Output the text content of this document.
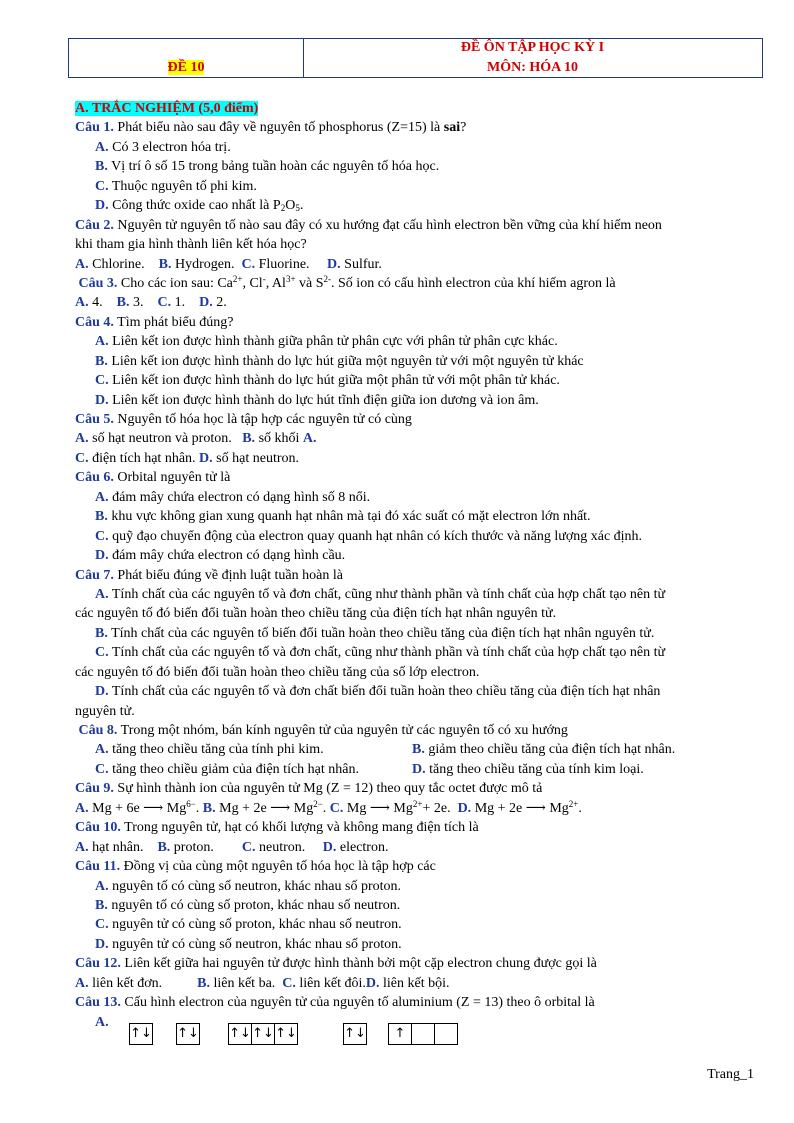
ĐỀ 10
ĐỀ ÔN TẬP HỌC KỲ I
MÔN: HÓA 10
A. TRẮC NGHIỆM (5,0 điểm)
Câu 1. Phát biểu nào sau đây về nguyên tố phosphorus (Z=15) là sai?
A. Có 3 electron hóa trị.
B. Vị trí ô số 15 trong bảng tuần hoàn các nguyên tố hóa học.
C. Thuộc nguyên tố phi kim.
D. Công thức oxide cao nhất là $P_2O_5$.
Câu 2. Nguyên tử nguyên tố nào sau đây có xu hướng đạt cấu hình electron bền vững của khí hiếm neon
khi tham gia hình thành liên kết hóa học?
A. Chlorine. B. Hydrogen. C. Fluorine. D. Sulfur.
Câu 3. Cho các ion sau: $Ca^{2+}$, Cl-, $Al^{3+}$ và $S^{2-}$. Số ion có cấu hình electron của khí hiếm agron là
A. 4. B. 3. C. 1. D. 2.
Câu 4. Tìm phát biểu đúng?
A. Liên kết ion được hình thành giữa phân tử phân cực với phân tử phân cực khác.
B. Liên kết ion được hình thành do lực hút giữa một nguyên tử với một nguyên tử khác
C. Liên kết ion được hình thành do lực hút giữa một phân tử với một phân tử khác.
D. Liên kết ion được hình thành do lực hút tĩnh điện giữa ion dương và ion âm.
Câu 5. Nguyên tố hóa học là tập hợp các nguyên tử có cùng
A. số hạt neutron và proton. B. số khối A.
C. điện tích hạt nhân. D. số hạt neutron.
Câu 6. Orbital nguyên tử là
A. đám mây chứa electron có dạng hình số 8 nổi.
B. khu vực không gian xung quanh hạt nhân mà tại đó xác suất có mặt electron lớn nhất.
C. quỹ đạo chuyển động của electron quay quanh hạt nhân có kích thước và năng lượng xác định.
D. đám mây chứa electron có dạng hình cầu.
Câu 7. Phát biểu đúng về định luật tuần hoàn là
A. Tính chất của các nguyên tố và đơn chất, cũng như thành phần và tính chất của hợp chất tạo nên từ
các nguyên tố đó biến đổi tuần hoàn theo chiều tăng của điện tích hạt nhân nguyên tử.
B. Tính chất của các nguyên tố biến đổi tuần hoàn theo chiều tăng của điện tích hạt nhân nguyên tử.
C. Tính chất của các nguyên tố và đơn chất, cũng như thành phần và tính chất của hợp chất tạo nên từ
các nguyên tố đó biến đổi tuần hoàn theo chiều tăng của số lớp electron.
D. Tính chất của các nguyên tố và đơn chất biến đổi tuần hoàn theo chiều tăng của điện tích hạt nhân
nguyên tử.
Câu 8. Trong một nhóm, bán kính nguyên tử của nguyên tử các nguyên tố có xu hướng
A. tăng theo chiều tăng của tính phi kim.	B. giảm theo chiều tăng của điện tích hạt nhân.
C. tăng theo chiều giảm của điện tích hạt nhân.	D. tăng theo chiều tăng của tính kim loại.
Câu 9. Sự hình thành ion của nguyên tử Mg (Z = 12) theo quy tắc octet được mô tả
A. Mg + 6e ⟶ $Mg^{6-}$. B. Mg + 2e ⟶ $Mg^{2-}$. C. Mg ⟶ $Mg^{2+}+ 2e$. D. Mg + 2e ⟶ $Mg^{2+}$.
Câu 10. Trong nguyên tử, hạt có khối lượng và không mang điện tích là
A. hạt nhân. B. proton. C. neutron. D. electron.
Câu 11. Đồng vị của cùng một nguyên tố hóa học là tập hợp các
A. nguyên tố có cùng số neutron, khác nhau số proton.
B. nguyên tố có cùng số proton, khác nhau số neutron.
C. nguyên tử có cùng số proton, khác nhau số neutron.
D. nguyên tử có cùng số neutron, khác nhau số proton.
Câu 12. Liên kết giữa hai nguyên tử được hình thành bởi một cặp electron chung được gọi là
A. liên kết đơn.	B. liên kết ba. C. liên kết đôi.D. liên kết bội.
Câu 13. Cấu hình electron của nguyên tử của nguyên tố aluminium (Z = 13) theo ô orbital là
A.
↑↓ ↑↓ ↑↓ ↑↓ ↑↓	↑↓	↑
Trang_1
